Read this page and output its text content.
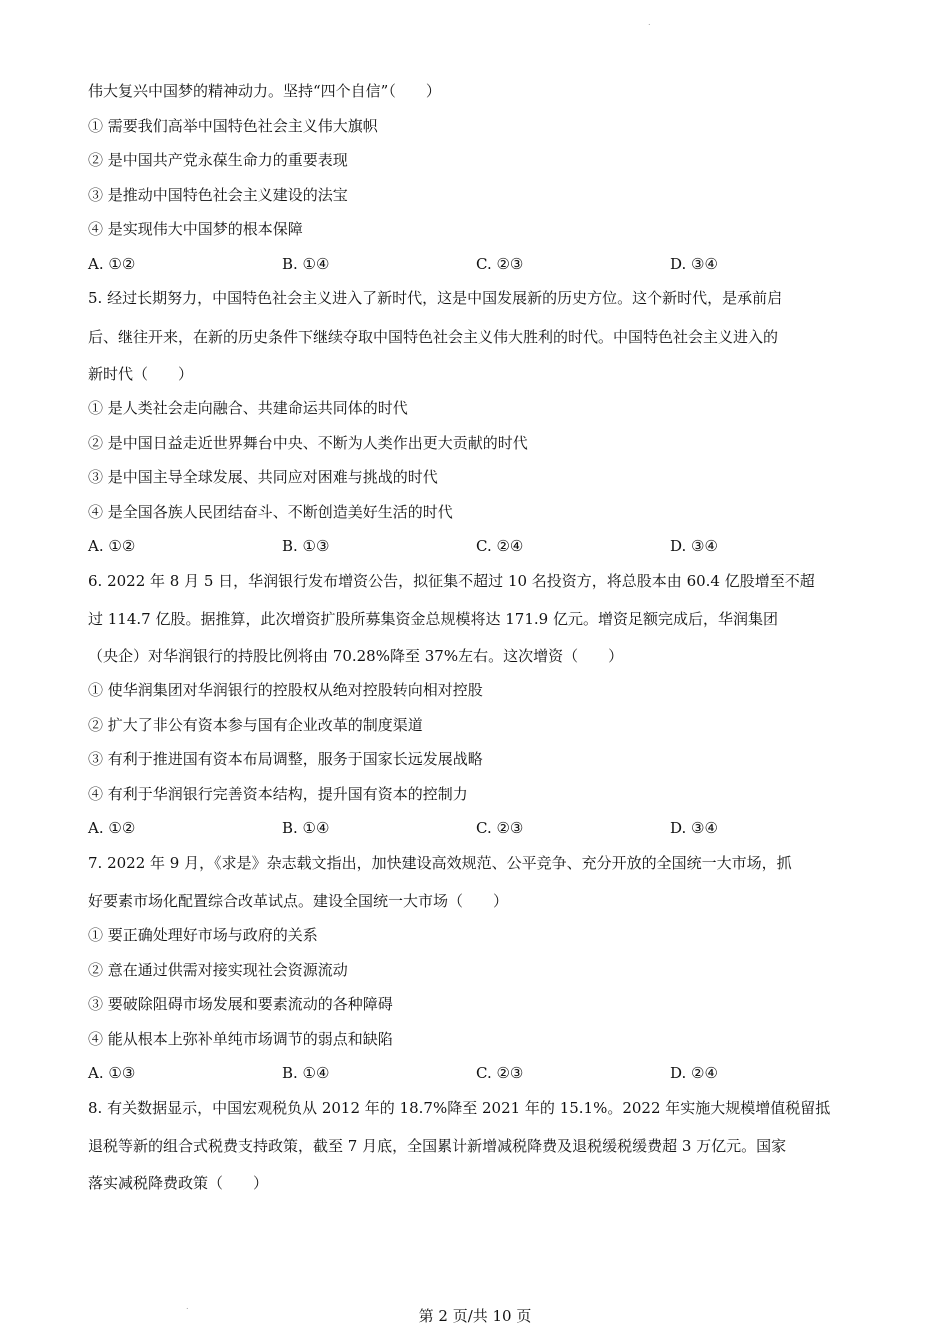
.
伟大复兴中国梦的精神动力。坚持“四个自信”（　　）
① 需要我们高举中国特色社会主义伟大旗帜
② 是中国共产党永葆生命力的重要表现
③ 是推动中国特色社会主义建设的法宝
④ 是实现伟大中国梦的根本保障
A. ①②	B. ①④	C. ②③	D. ③④
5. 经过长期努力，中国特色社会主义进入了新时代，这是中国发展新的历史方位。这个新时代，是承前启
后、继往开来，在新的历史条件下继续夺取中国特色社会主义伟大胜利的时代。中国特色社会主义进入的
新时代（　　）
① 是人类社会走向融合、共建命运共同体的时代
② 是中国日益走近世界舞台中央、不断为人类作出更大贡献的时代
③ 是中国主导全球发展、共同应对困难与挑战的时代
④ 是全国各族人民团结奋斗、不断创造美好生活的时代
A. ①②	B. ①③	C. ②④	D. ③④
6. 2022 年 8 月 5 日，华润银行发布增资公告，拟征集不超过 10 名投资方，将总股本由 60.4 亿股增至不超
过 114.7 亿股。据推算，此次增资扩股所募集资金总规模将达 171.9 亿元。增资足额完成后，华润集团
（央企）对华润银行的持股比例将由 70.28%降至 37%左右。这次增资（　　）
① 使华润集团对华润银行的控股权从绝对控股转向相对控股
② 扩大了非公有资本参与国有企业改革的制度渠道
③ 有利于推进国有资本布局调整，服务于国家长远发展战略
④ 有利于华润银行完善资本结构，提升国有资本的控制力
A. ①②	B. ①④	C. ②③	D. ③④
7. 2022 年 9 月，《求是》杂志载文指出，加快建设高效规范、公平竞争、充分开放的全国统一大市场，抓
好要素市场化配置综合改革试点。建设全国统一大市场（　　）
① 要正确处理好市场与政府的关系
② 意在通过供需对接实现社会资源流动
③ 要破除阻碍市场发展和要素流动的各种障碍
④ 能从根本上弥补单纯市场调节的弱点和缺陷
A. ①③	B. ①④	C. ②③	D. ②④
8. 有关数据显示，中国宏观税负从 2012 年的 18.7%降至 2021 年的 15.1%。2022 年实施大规模增值税留抵
退税等新的组合式税费支持政策，截至 7 月底，全国累计新增减税降费及退税缓税缓费超 3 万亿元。国家
落实减税降费政策（　　）
.
第 2 页/共 10 页
